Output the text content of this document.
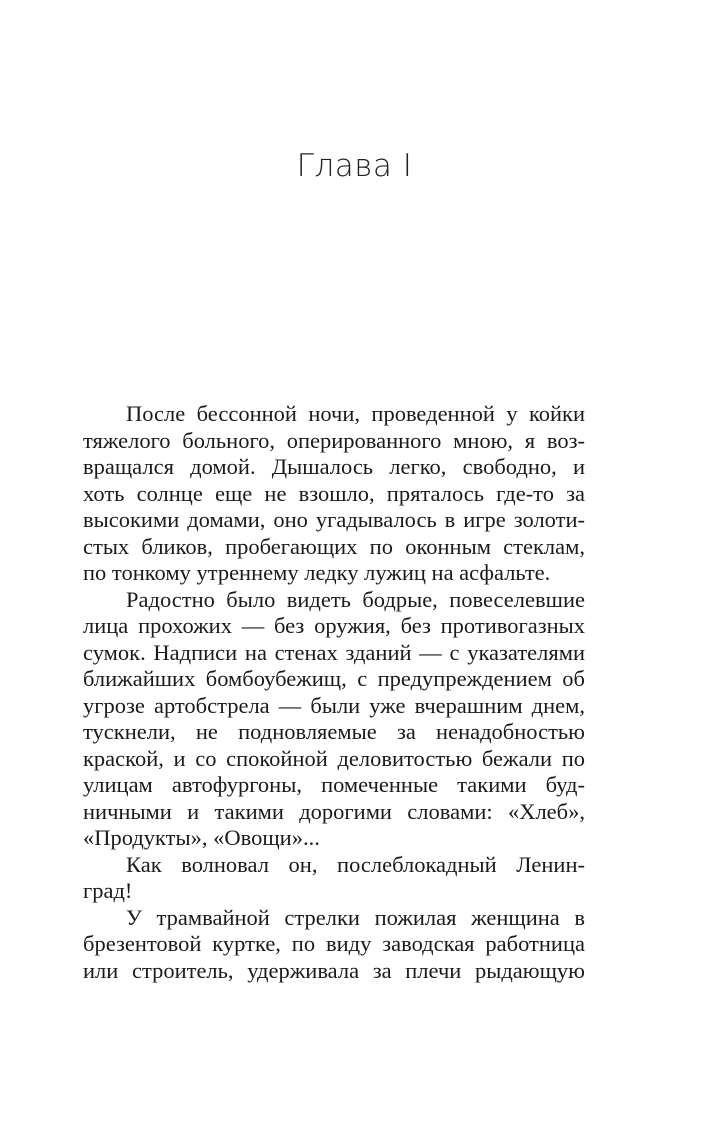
Глава I
После бессонной ночи, проведенной у койки
тяжелого больного, оперированного мною, я воз-
вращался домой. Дышалось легко, свободно, и
хоть солнце еще не взошло, пряталось где-то за
высокими домами, оно угадывалось в игре золоти-
стых бликов, пробегающих по оконным стеклам,
по тонкому утреннему ледку лужиц на асфальте.
Радостно было видеть бодрые, повеселевшие
лица прохожих — без оружия, без противогазных
сумок. Надписи на стенах зданий — с указателями
ближайших бомбоубежищ, с предупреждением об
угрозе артобстрела — были уже вчерашним днем,
тускнели, не подновляемые за ненадобностью
краской, и со спокойной деловитостью бежали по
улицам автофургоны, помеченные такими буд-
ничными и такими дорогими словами: «Хлеб»,
«Продукты», «Овощи»...
Как волновал он, послеблокадный Ленин-
град!
У трамвайной стрелки пожилая женщина в
брезентовой куртке, по виду заводская работница
или строитель, удерживала за плечи рыдающую
